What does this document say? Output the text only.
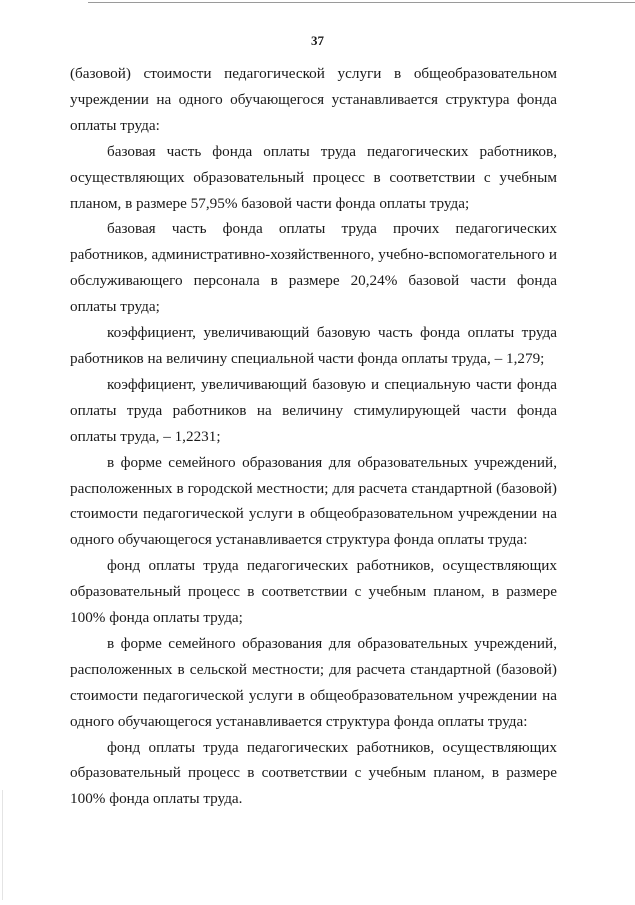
37

(базовой) стоимости педагогической услуги в общеобразовательном учреждении на одного обучающегося устанавливается структура фонда оплаты труда:

базовая часть фонда оплаты труда педагогических работников, осуществляющих образовательный процесс в соответствии с учебным планом, в размере 57,95% базовой части фонда оплаты труда;

базовая часть фонда оплаты труда прочих педагогических работников, административно-хозяйственного, учебно-вспомогательного и обслуживающего персонала в размере 20,24% базовой части фонда оплаты труда;

коэффициент, увеличивающий базовую часть фонда оплаты труда работников на величину специальной части фонда оплаты труда, – 1,279;

коэффициент, увеличивающий базовую и специальную части фонда оплаты труда работников на величину стимулирующей части фонда оплаты труда, – 1,2231;

в форме семейного образования для образовательных учреждений, расположенных в городской местности; для расчета стандартной (базовой) стоимости педагогической услуги в общеобразовательном учреждении на одного обучающегося устанавливается структура фонда оплаты труда:

фонд оплаты труда педагогических работников, осуществляющих образовательный процесс в соответствии с учебным планом, в размере 100% фонда оплаты труда;

в форме семейного образования для образовательных учреждений, расположенных в сельской местности; для расчета стандартной (базовой) стоимости педагогической услуги в общеобразовательном учреждении на одного обучающегося устанавливается структура фонда оплаты труда:

фонд оплаты труда педагогических работников, осуществляющих образовательный процесс в соответствии с учебным планом, в размере 100% фонда оплаты труда.
